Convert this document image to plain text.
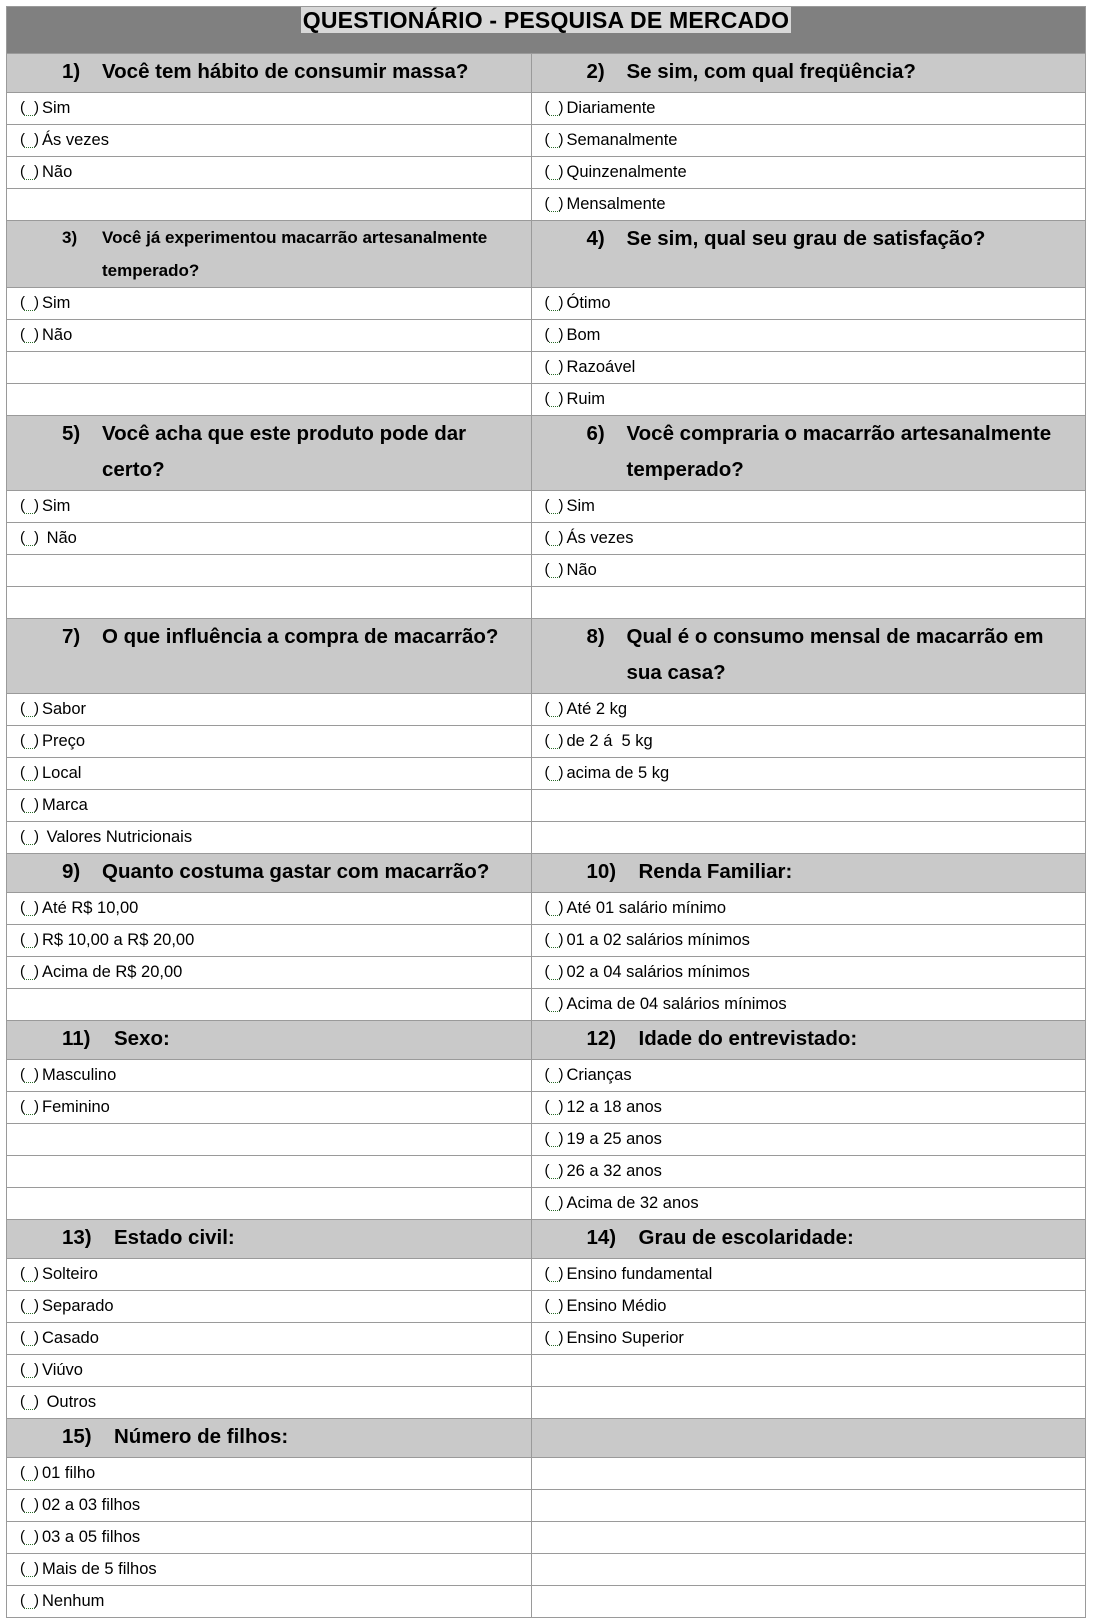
QUESTIONÁRIO - PESQUISA DE MERCADO	

1) Você tem hábito de consumir massa?	2) Se sim, com qual freqüência?

( ) Sim	( ) Diariamente

( ) Ás vezes	( ) Semanalmente

( ) Não	( ) Quinzenalmente

	( ) Mensalmente

3) Você já experimentou macarrão artesanalmente temperado?	4) Se sim, qual seu grau de satisfação?

( ) Sim	( ) Ótimo

( ) Não	( ) Bom

	( ) Razoável

	( ) Ruim

5) Você acha que este produto pode dar certo?	6) Você compraria o macarrão artesanalmente temperado?

( ) Sim	( ) Sim

( ) Não	( ) Ás vezes

	( ) Não

7) O que influência a compra de macarrão?	8) Qual é o consumo mensal de macarrão em sua casa?

( ) Sabor	( ) Até 2 kg

( ) Preço	( ) de 2 á  5 kg

( ) Local	( ) acima de 5 kg

( ) Marca	

( ) Valores Nutricionais	

9) Quanto costuma gastar com macarrão?	10) Renda Familiar:

( ) Até R$ 10,00	( ) Até 01 salário mínimo

( ) R$ 10,00 a R$ 20,00	( ) 01 a 02 salários mínimos

( ) Acima de R$ 20,00	( ) 02 a 04 salários mínimos

	( ) Acima de 04 salários mínimos

11) Sexo:	12) Idade do entrevistado:

( ) Masculino	( ) Crianças

( ) Feminino	( ) 12 a 18 anos

	( ) 19 a 25 anos

	( ) 26 a 32 anos

	( ) Acima de 32 anos

13) Estado civil:	14) Grau de escolaridade:

( ) Solteiro	( ) Ensino fundamental

( ) Separado	( ) Ensino Médio

( ) Casado	( ) Ensino Superior

( ) Viúvo	

( ) Outros	

15) Número de filhos:	

( ) 01 filho	

( ) 02 a 03 filhos	

( ) 03 a 05 filhos	

( ) Mais de 5 filhos	

( ) Nenhum	
